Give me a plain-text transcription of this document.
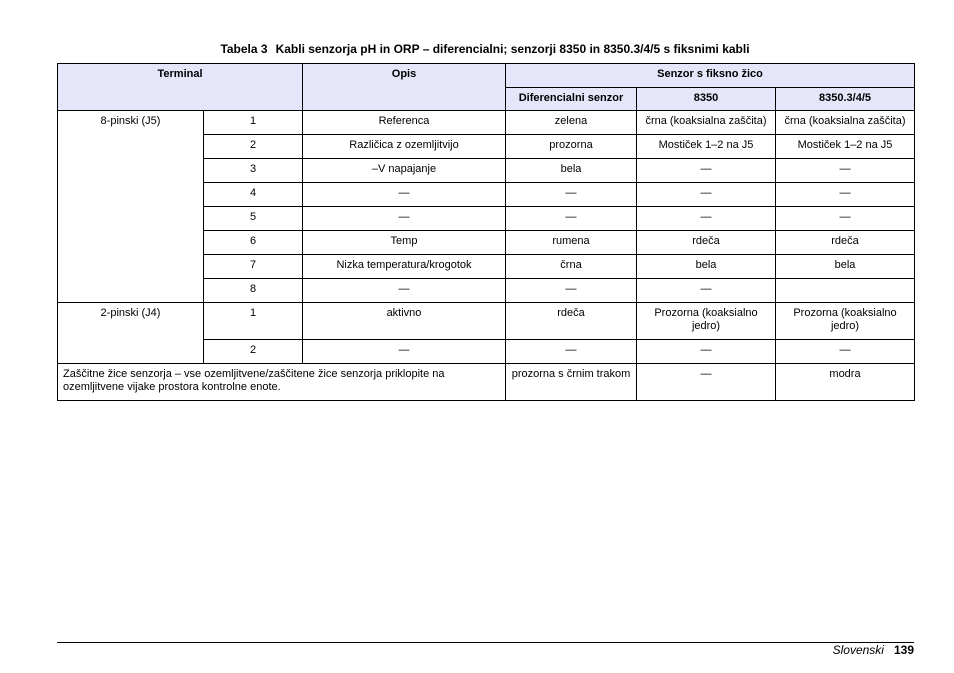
Tabela 3 Kabli senzorja pH in ORP – diferencialni; senzorji 8350 in 8350.3/4/5 s fiksnimi kabli
Terminal		Opis	Senzor s fiksno žico		
			Diferencialni senzor	8350	8350.3/4/5
8-pinski (J5)	1	Referenca	zelena	črna (koaksialna zaščita)	črna (koaksialna zaščita)
	2	Različica z ozemljitvijo	prozorna	Mostiček 1–2 na J5	Mostiček 1–2 na J5
	3	–V napajanje	bela	—	—
	4	—	—	—	—
	5	—	—	—	—
	6	Temp	rumena	rdeča	rdeča
	7	Nizka temperatura/krogotok	črna	bela	bela
	8	—	—	—	
2-pinski (J4)	1	aktivno	rdeča	Prozorna (koaksialno jedro)	Prozorna (koaksialno jedro)
	2	—	—	—	—
Zaščitne žice senzorja – vse ozemljitvene/zaščitene žice senzorja priklopite na ozemljitvene vijake prostora kontrolne enote.			prozorna s črnim trakom	—	modra
Slovenski 139
